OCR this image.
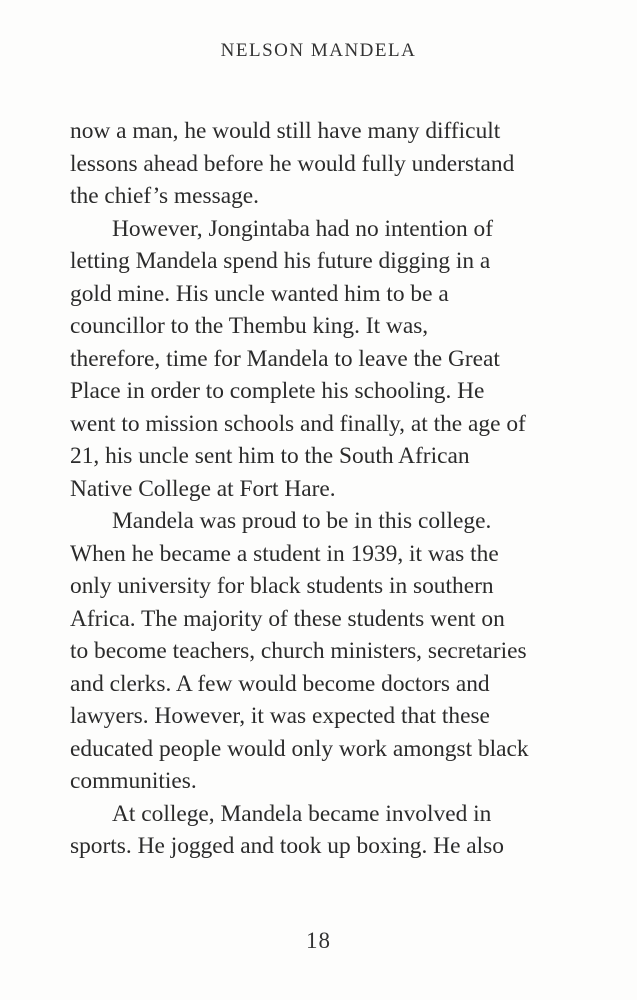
NELSON MANDELA
now a man, he would still have many difficult
lessons ahead before he would fully understand
the chief’s message.
However, Jongintaba had no intention of
letting Mandela spend his future digging in a
gold mine. His uncle wanted him to be a
councillor to the Thembu king. It was,
therefore, time for Mandela to leave the Great
Place in order to complete his schooling. He
went to mission schools and finally, at the age of
21, his uncle sent him to the South African
Native College at Fort Hare.
Mandela was proud to be in this college.
When he became a student in 1939, it was the
only university for black students in southern
Africa. The majority of these students went on
to become teachers, church ministers, secretaries
and clerks. A few would become doctors and
lawyers. However, it was expected that these
educated people would only work amongst black
communities.
At college, Mandela became involved in
sports. He jogged and took up boxing. He also
18
